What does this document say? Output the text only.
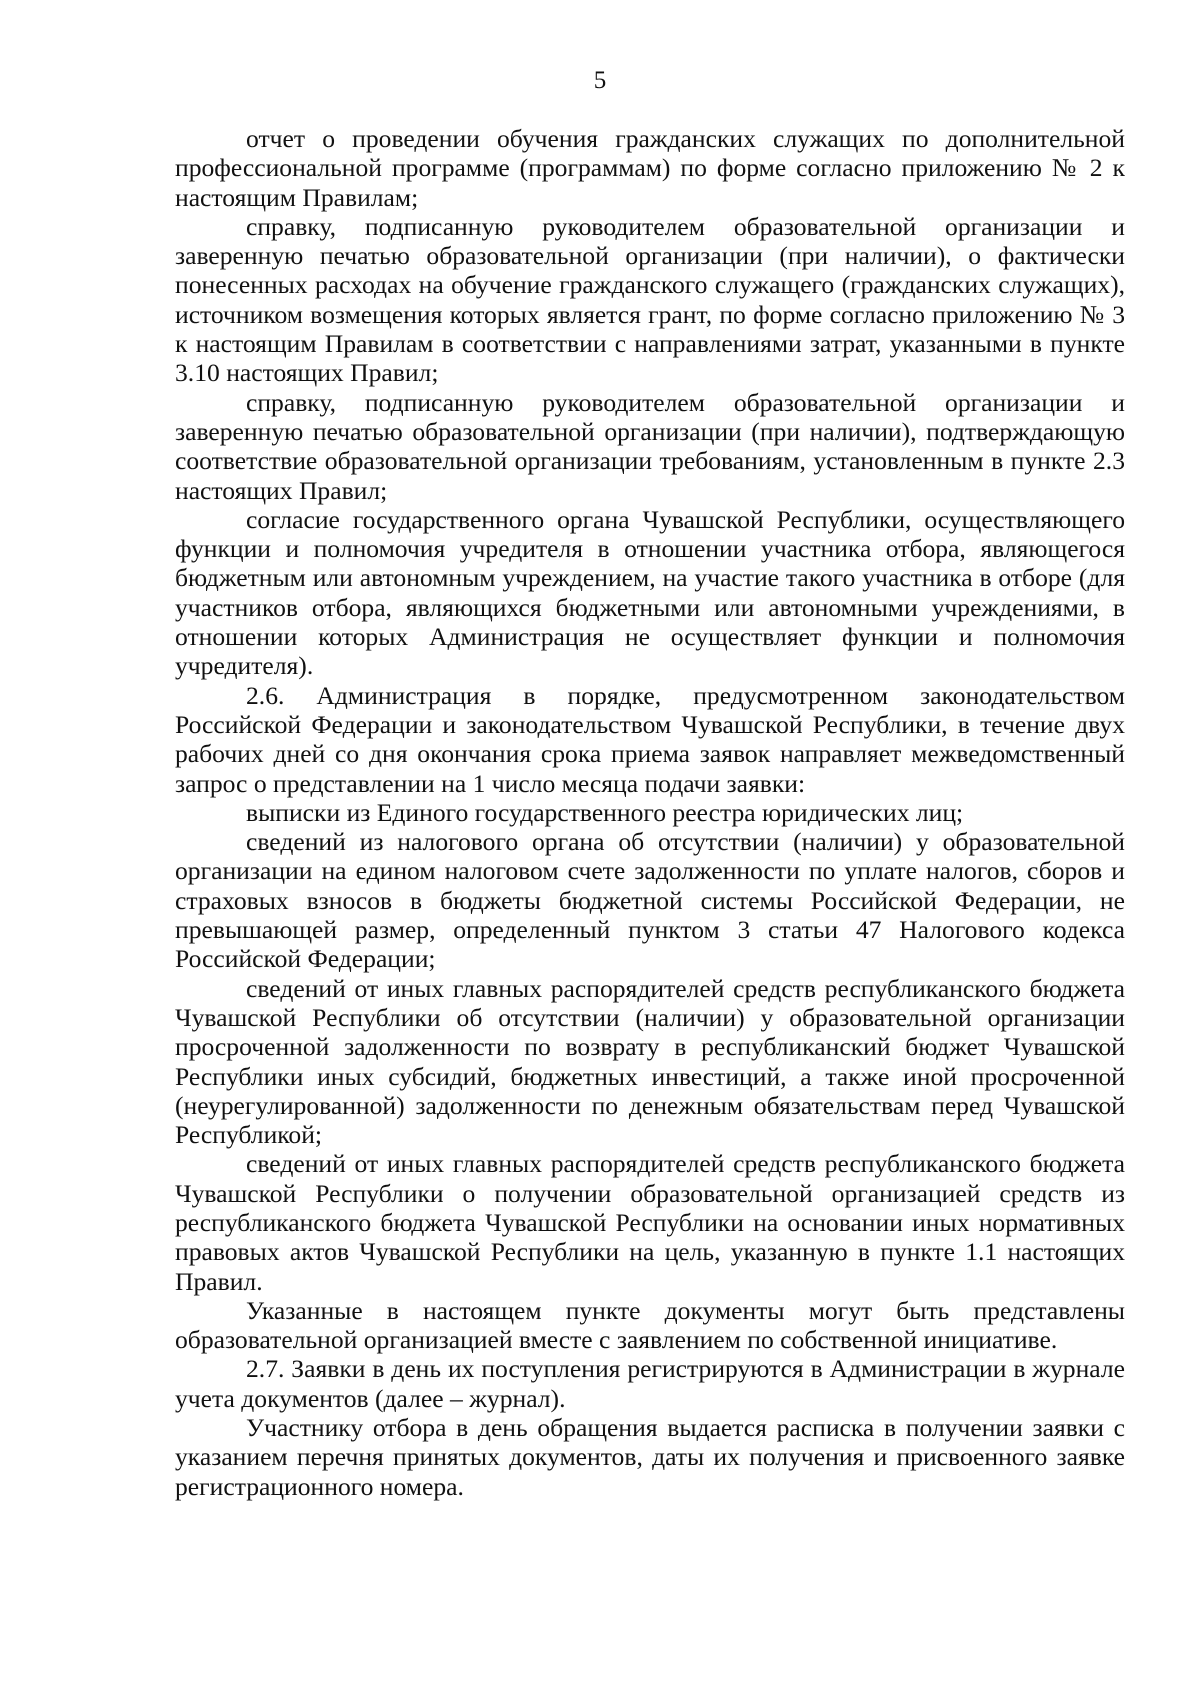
5

отчет о проведении обучения гражданских служащих по дополнительной профессиональной программе (программам) по форме согласно приложению № 2 к настоящим Правилам;

справку, подписанную руководителем образовательной организации и заверенную печатью образовательной организации (при наличии), о фактически понесенных расходах на обучение гражданского служащего (гражданских служащих), источником возмещения которых является грант, по форме согласно приложению № 3 к настоящим Правилам в соответствии с направлениями затрат, указанными в пункте 3.10 настоящих Правил;

справку, подписанную руководителем образовательной организации и заверенную печатью образовательной организации (при наличии), подтверждающую соответствие образовательной организации требованиям, установленным в пункте 2.3 настоящих Правил;

согласие государственного органа Чувашской Республики, осуществляющего функции и полномочия учредителя в отношении участника отбора, являющегося бюджетным или автономным учреждением, на участие такого участника в отборе (для участников отбора, являющихся бюджетными или автономными учреждениями, в отношении которых Администрация не осуществляет функции и полномочия учредителя).

2.6. Администрация в порядке, предусмотренном законодательством Российской Федерации и законодательством Чувашской Республики, в течение двух рабочих дней со дня окончания срока приема заявок направляет межведомственный запрос о представлении на 1 число месяца подачи заявки:

выписки из Единого государственного реестра юридических лиц;

сведений из налогового органа об отсутствии (наличии) у образовательной организации на едином налоговом счете задолженности по уплате налогов, сборов и страховых взносов в бюджеты бюджетной системы Российской Федерации, не превышающей размер, определенный пунктом 3 статьи 47 Налогового кодекса Российской Федерации;

сведений от иных главных распорядителей средств республиканского бюджета Чувашской Республики об отсутствии (наличии) у образовательной организации просроченной задолженности по возврату в республиканский бюджет Чувашской Республики иных субсидий, бюджетных инвестиций, а также иной просроченной (неурегулированной) задолженности по денежным обязательствам перед Чувашской Республикой;

сведений от иных главных распорядителей средств республиканского бюджета Чувашской Республики о получении образовательной организацией средств из республиканского бюджета Чувашской Республики на основании иных нормативных правовых актов Чувашской Республики на цель, указанную в пункте 1.1 настоящих Правил.

Указанные в настоящем пункте документы могут быть представлены образовательной организацией вместе с заявлением по собственной инициативе.

2.7. Заявки в день их поступления регистрируются в Администрации в журнале учета документов (далее – журнал).

Участнику отбора в день обращения выдается расписка в получении заявки с указанием перечня принятых документов, даты их получения и присвоенного заявке регистрационного номера.
